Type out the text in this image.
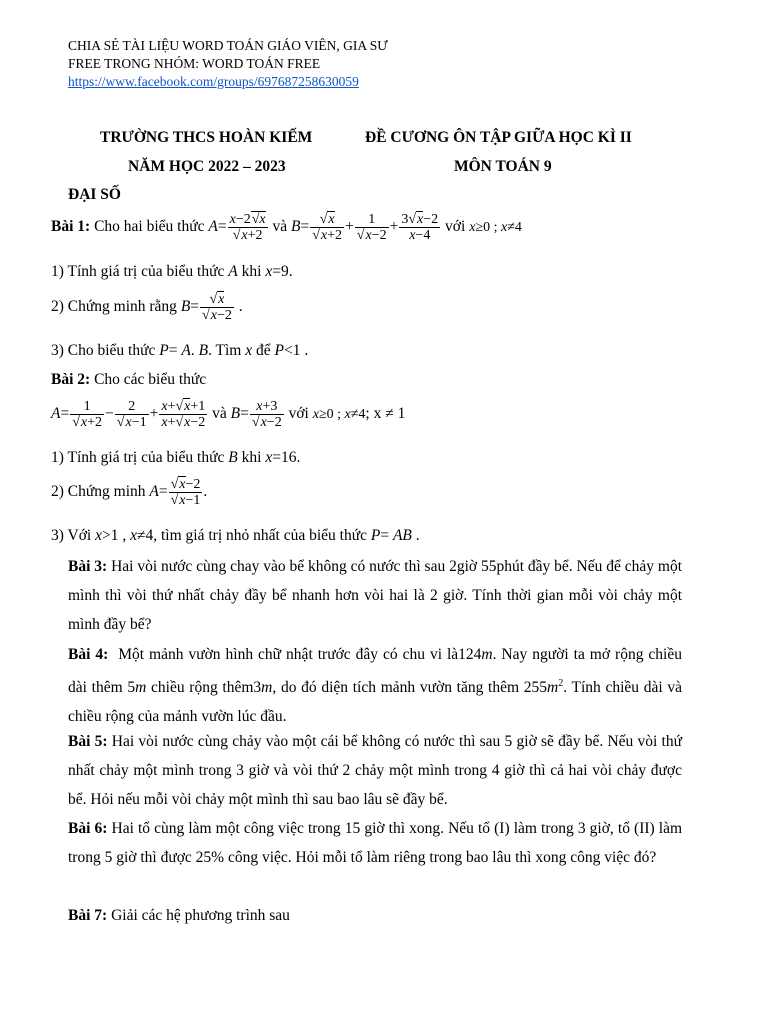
CHIA SẺ TÀI LIỆU WORD TOÁN GIÁO VIÊN, GIA SƯ
FREE TRONG NHÓM: WORD TOÁN FREE
https://www.facebook.com/groups/697687258630059
TRƯỜNG THCS HOÀN KIẾM	ĐỀ CƯƠNG ÔN TẬP GIỮA HỌC KÌ II
NĂM HỌC 2022 – 2023	MÔN TOÁN 9
ĐẠI SỐ
Bài 1: Cho hai biểu thức $A= \frac{x-2√x}{√x+2}$ và $B= \frac{√x}{√x+2} + \frac{1}{√x-2} + \frac{3√x-2}{x-4}$ với x≥0 ; x≠4
1) Tính giá trị của biểu thức A khi x=9.
2) Chứng minh rằng $B= \frac{√x}{√x-2}$ .
3) Cho biểu thức P= A. B. Tìm x để P<1 .
Bài 2: Cho các biểu thức
$A= \frac{1}{√x+2} - \frac{2}{√x-1} + \frac{x+√x+1}{x+√x-2}$ và $B= \frac{x+3}{√x-2}$ với x≥0 ; x≠4; x ≠ 1
1) Tính giá trị của biểu thức B khi x=16.
2) Chứng minh $A= \frac{√x-2}{√x-1}$ .
3) Với x>1 , x≠4, tìm giá trị nhỏ nhất của biểu thức P= AB .
Bài 3: Hai vòi nước cùng chay vào bể không có nước thì sau 2giờ 55phút đầy bể. Nếu để chảy một mình thì vòi thứ nhất chảy đầy bể nhanh hơn vòi hai là 2 giờ. Tính thời gian mỗi vòi chảy một mình đầy bể?
Bài 4: Một mảnh vườn hình chữ nhật trước đây có chu vi là124m. Nay người ta mở rộng chiều dài thêm 5m chiều rộng thêm3m, do đó diện tích mảnh vườn tăng thêm $255m^2$. Tính chiều dài và chiều rộng của mảnh vườn lúc đầu.
Bài 5: Hai vòi nước cùng chảy vào một cái bể không có nước thì sau 5 giờ sẽ đầy bể. Nếu vòi thứ nhất chảy một mình trong 3 giờ và vòi thứ 2 chảy một mình trong 4 giờ thì cả hai vòi chảy được bể. Hỏi nếu mỗi vòi chảy một mình thì sau bao lâu sẽ đầy bể.
Bài 6: Hai tổ cùng làm một công việc trong 15 giờ thì xong. Nếu tổ (I) làm trong 3 giờ, tổ (II) làm trong 5 giờ thì được 25% công việc. Hỏi mỗi tổ làm riêng trong bao lâu thì xong công việc đó?
Bài 7: Giải các hệ phương trình sau
